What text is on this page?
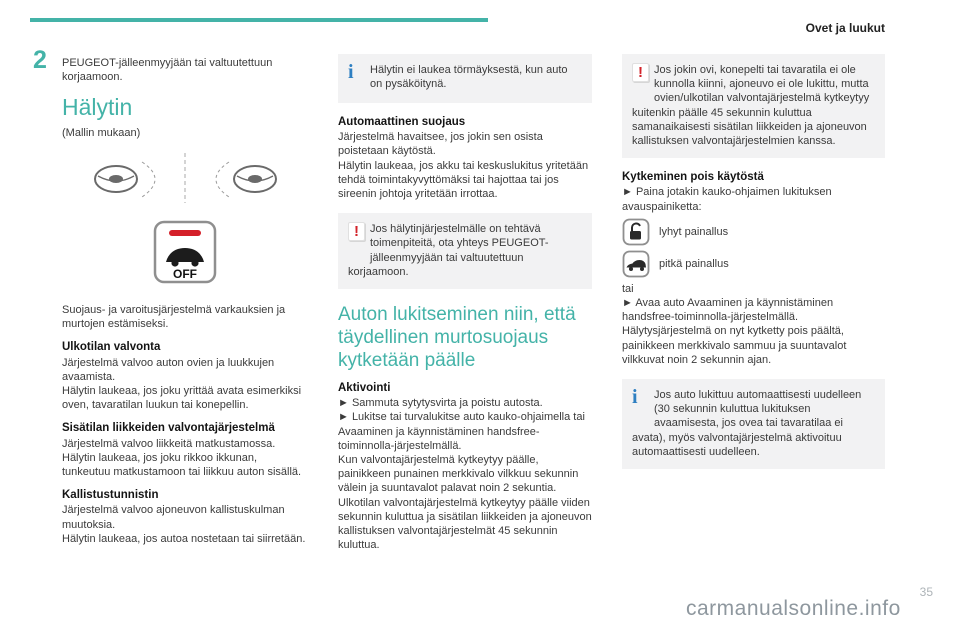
Ovet ja luukut
2 PEUGEOT-jälleenmyyjään tai valtuutettuun korjaamoon.

Hälytin

(Mallin mukaan)

OFF

Suojaus- ja varoitusjärjestelmä varkauksien ja murtojen estämiseksi.

Ulkotilan valvonta

Järjestelmä valvoo auton ovien ja luukkujen avaamista.

Hälytin laukeaa, jos joku yrittää avata esimerkiksi oven, tavaratilan luukun tai konepellin.

Sisätilan liikkeiden valvontajärjestelmä

Järjestelmä valvoo liikkeitä matkustamossa.

Hälytin laukeaa, jos joku rikkoo ikkunan, tunkeutuu matkustamoon tai liikkuu auton sisällä.

Kallistustunnistin

Järjestelmä valvoo ajoneuvon kallistuskulman muutoksia.

Hälytin laukeaa, jos autoa nostetaan tai siirretään.

i	Hälytin ei laukea törmäyksestä, kun auto on pysäköitynä.

Automaattinen suojaus

Järjestelmä havaitsee, jos jokin sen osista poistetaan käytöstä.

Hälytin laukeaa, jos akku tai keskuslukitus yritetään tehdä toimintakyvyttömäksi tai hajottaa tai jos sireenin johtoja yritetään irrottaa.

!	Jos hälytinjärjestelmälle on tehtävä toimenpiteitä, ota yhteys PEUGEOT-jälleenmyyjään tai valtuutettuun korjaamoon.

Auton lukitseminen niin, että täydellinen murtosuojaus kytketään päälle
Aktivointi

► Sammuta sytytysvirta ja poistu autosta.

► Lukitse tai turvalukitse auto kauko-ohjaimella tai Avaaminen ja käynnistäminen handsfree-toiminnolla-järjestelmällä.

Kun valvontajärjestelmä kytkeytyy päälle, painikkeen punainen merkkivalo vilkkuu sekunnin välein ja suuntavalot palavat noin 2 sekuntia.

Ulkotilan valvontajärjestelmä kytkeytyy päälle viiden sekunnin kuluttua ja sisätilan liikkeiden ja ajoneuvon kallistuksen valvontajärjestelmät 45 sekunnin kuluttua.

!	Jos jokin ovi, konepelti tai tavaratila ei ole kunnolla kiinni, ajoneuvo ei ole lukittu, mutta ovien/ulkotilan valvontajärjestelmä kytkeytyy kuitenkin päälle 45 sekunnin kuluttua samanaikaisesti sisätilan liikkeiden ja ajoneuvon kallistuksen valvontajärjestelmien kanssa.

Kytkeminen pois käytöstä

► Paina jotakin kauko-ohjaimen lukituksen avauspainiketta:

lyhyt painallus
pitkä painallus

tai

► Avaa auto Avaaminen ja käynnistäminen handsfree-toiminnolla-järjestelmällä.

Hälytysjärjestelmä on nyt kytketty pois päältä, painikkeen merkkivalo sammuu ja suuntavalot vilkkuvat noin 2 sekunnin ajan.

i	Jos auto lukittuu automaattisesti uudelleen (30 sekunnin kuluttua lukituksen avaamisesta, jos ovea tai tavaratilaa ei avata), myös valvontajärjestelmä aktivoituu automaattisesti uudelleen.

carmanualsonline.info
35
